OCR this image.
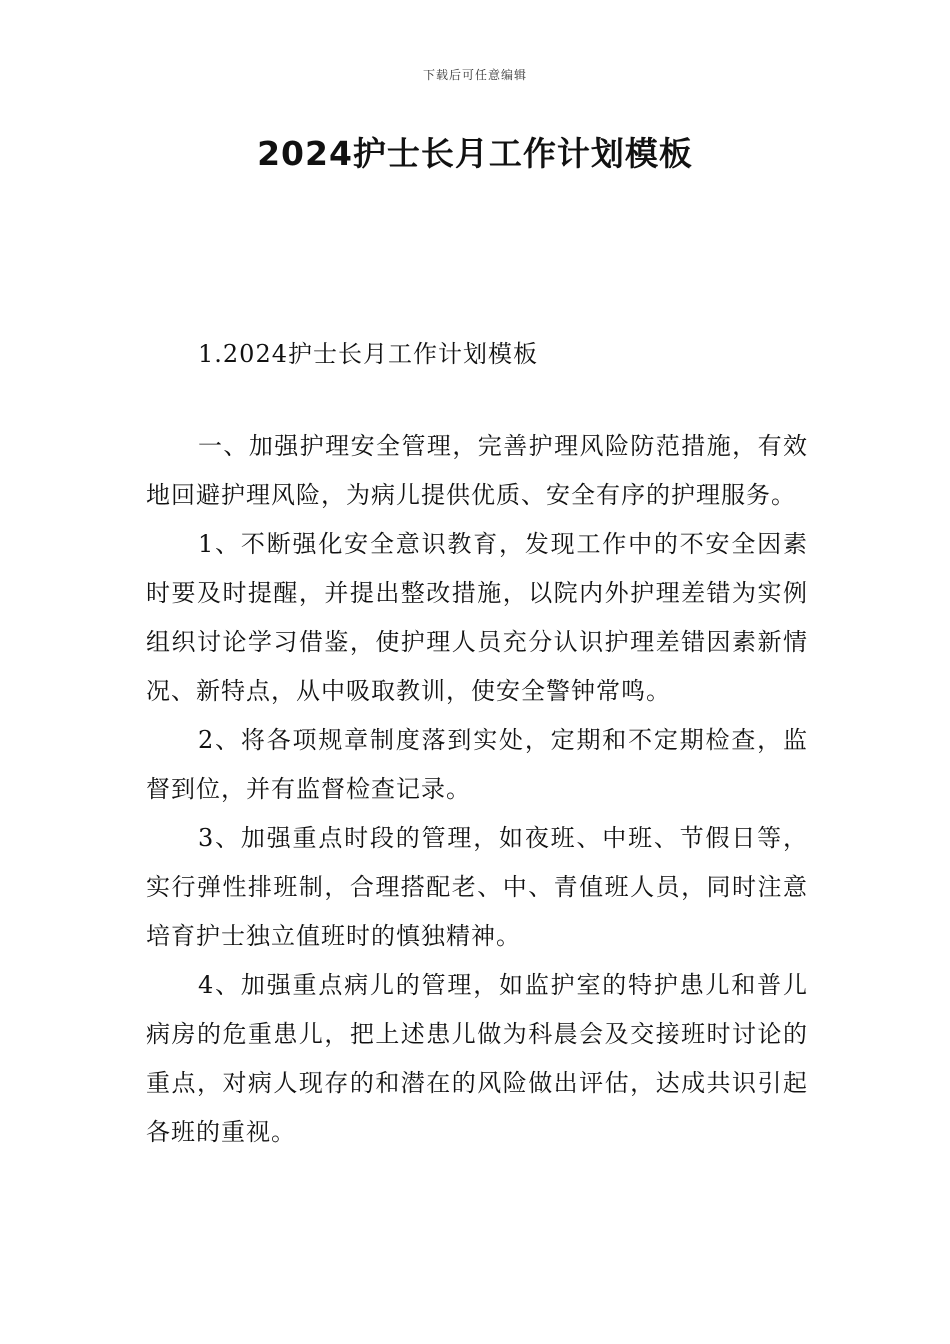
下载后可任意编辑
2024护士长月工作计划模板

1.2024护士长月工作计划模板

一、加强护理安全管理，完善护理风险防范措施，有效地回避护理风险，为病儿提供优质、安全有序的护理服务。

1、不断强化安全意识教育，发现工作中的不安全因素时要及时提醒，并提出整改措施，以院内外护理差错为实例组织讨论学习借鉴，使护理人员充分认识护理差错因素新情况、新特点，从中吸取教训，使安全警钟常鸣。

2、将各项规章制度落到实处，定期和不定期检查，监督到位，并有监督检查记录。

3、加强重点时段的管理，如夜班、中班、节假日等，实行弹性排班制，合理搭配老、中、青值班人员，同时注意培育护士独立值班时的慎独精神。

4、加强重点病儿的管理，如监护室的特护患儿和普儿病房的危重患儿，把上述患儿做为科晨会及交接班时讨论的重点，对病人现存的和潜在的风险做出评估，达成共识引起各班的重视。
